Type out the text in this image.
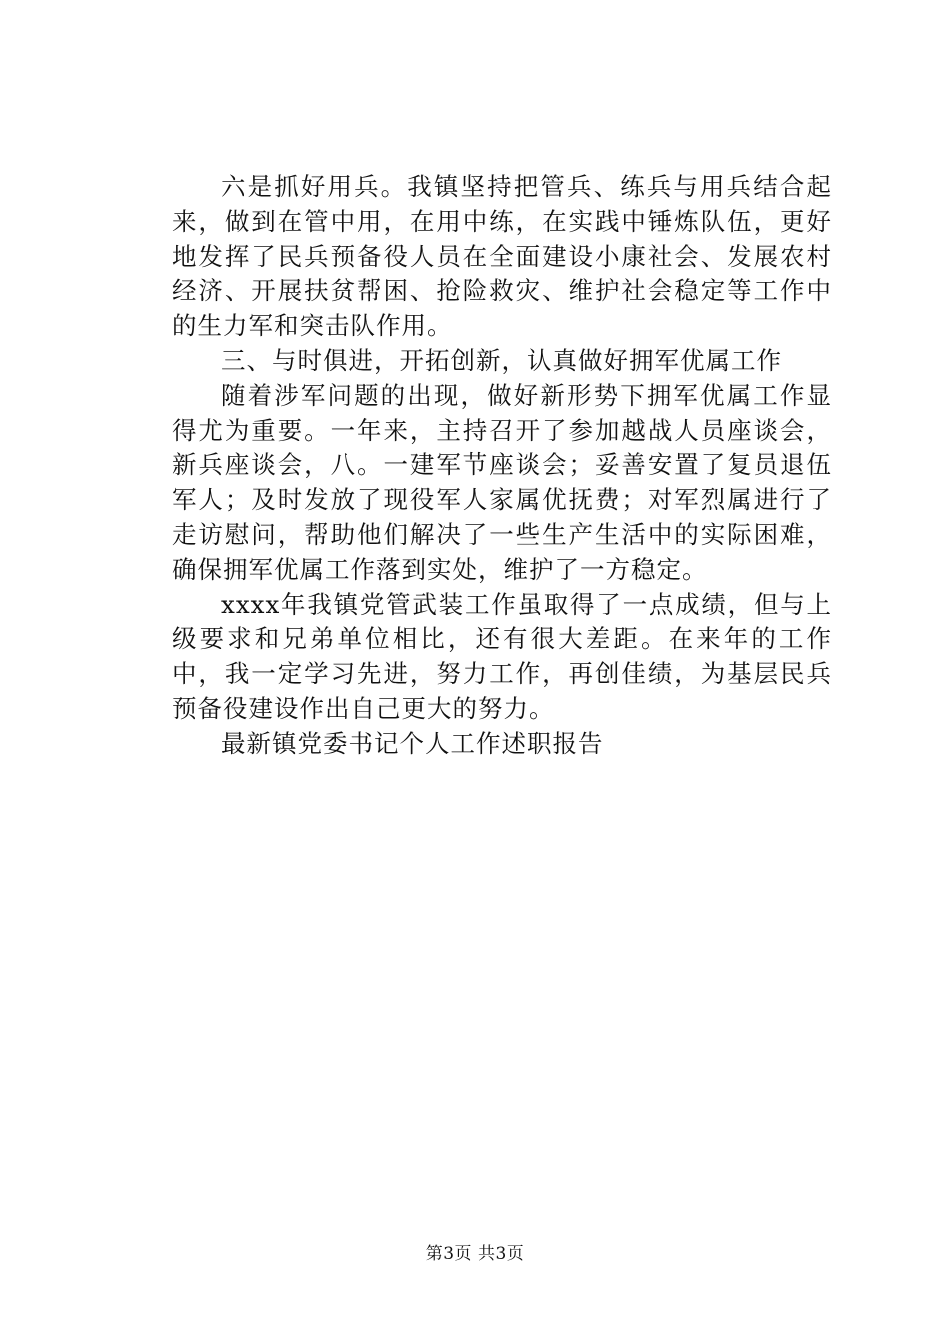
六是抓好用兵。我镇坚持把管兵、练兵与用兵结合起来，做到在管中用，在用中练，在实践中锤炼队伍，更好地发挥了民兵预备役人员在全面建设小康社会、发展农村经济、开展扶贫帮困、抢险救灾、维护社会稳定等工作中的生力军和突击队作用。

三、与时俱进，开拓创新，认真做好拥军优属工作

随着涉军问题的出现，做好新形势下拥军优属工作显得尤为重要。一年来，主持召开了参加越战人员座谈会，新兵座谈会，八。一建军节座谈会；妥善安置了复员退伍军人；及时发放了现役军人家属优抚费；对军烈属进行了走访慰问，帮助他们解决了一些生产生活中的实际困难，确保拥军优属工作落到实处，维护了一方稳定。

xxxx年我镇党管武装工作虽取得了一点成绩，但与上级要求和兄弟单位相比，还有很大差距。在来年的工作中，我一定学习先进，努力工作，再创佳绩，为基层民兵预备役建设作出自己更大的努力。

最新镇党委书记个人工作述职报告

第3页 共3页
